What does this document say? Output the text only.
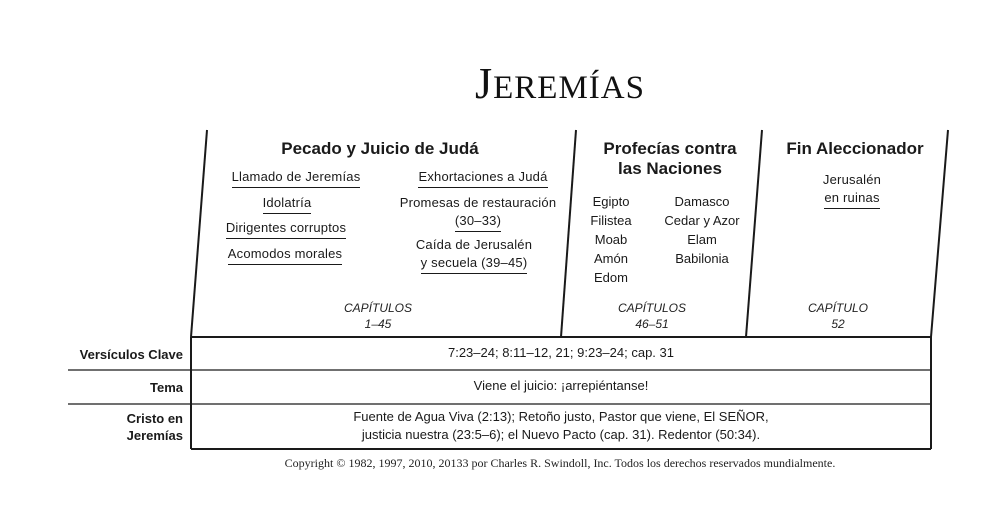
JEREMÍAS
Pecado y Juicio de Judá
Llamado de Jeremías
Idolatría
Dirigentes corruptos
Acomodos morales
Exhortaciones a Judá
Promesas de restauración
(30–33)
Caída de Jerusalén
y secuela (39–45)
CAPÍTULOS
1–45
Profecías contra
las Naciones
Egipto
Filistea
Moab
Amón
Edom
Damasco
Cedar y Azor
Elam
Babilonia
CAPÍTULOS
46–51
Fin Aleccionador
Jerusalén
en ruinas
CAPÍTULO
52
Versículos Clave	7:23–24; 8:11–12, 21; 9:23–24; cap. 31
Tema	Viene el juicio: ¡arrepiéntanse!
Cristo en
Jeremías
Fuente de Agua Viva (2:13); Retoño justo, Pastor que viene, El SEÑOR,
justicia nuestra (23:5–6); el Nuevo Pacto (cap. 31). Redentor (50:34).
Copyright © 1982, 1997, 2010, 20133 por Charles R. Swindoll, Inc. Todos los derechos reservados mundialmente.
